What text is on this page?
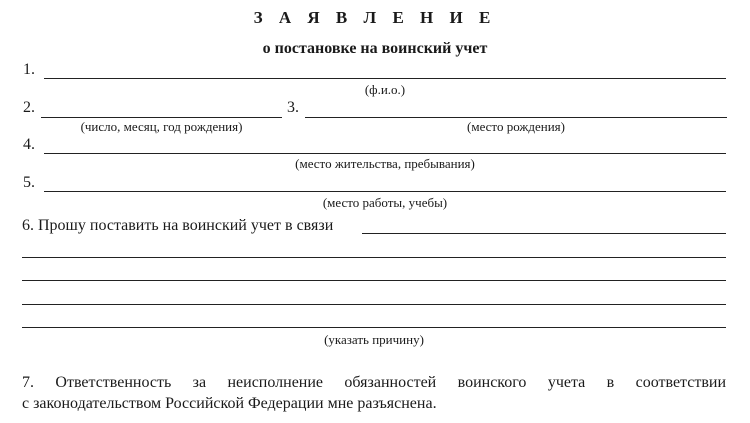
З А Я В Л Е Н И Е
о постановке на воинский учет
1.
(ф.и.о.)
2.
(число, месяц, год рождения)
3.
(место рождения)
4.
(место жительства, пребывания)
5.
(место работы, учебы)
6. Прошу поставить на воинский учет в связи
(указать причину)
7. Ответственность за неисполнение обязанностей воинского учета в соответствии
с законодательством Российской Федерации мне разъяснена.
